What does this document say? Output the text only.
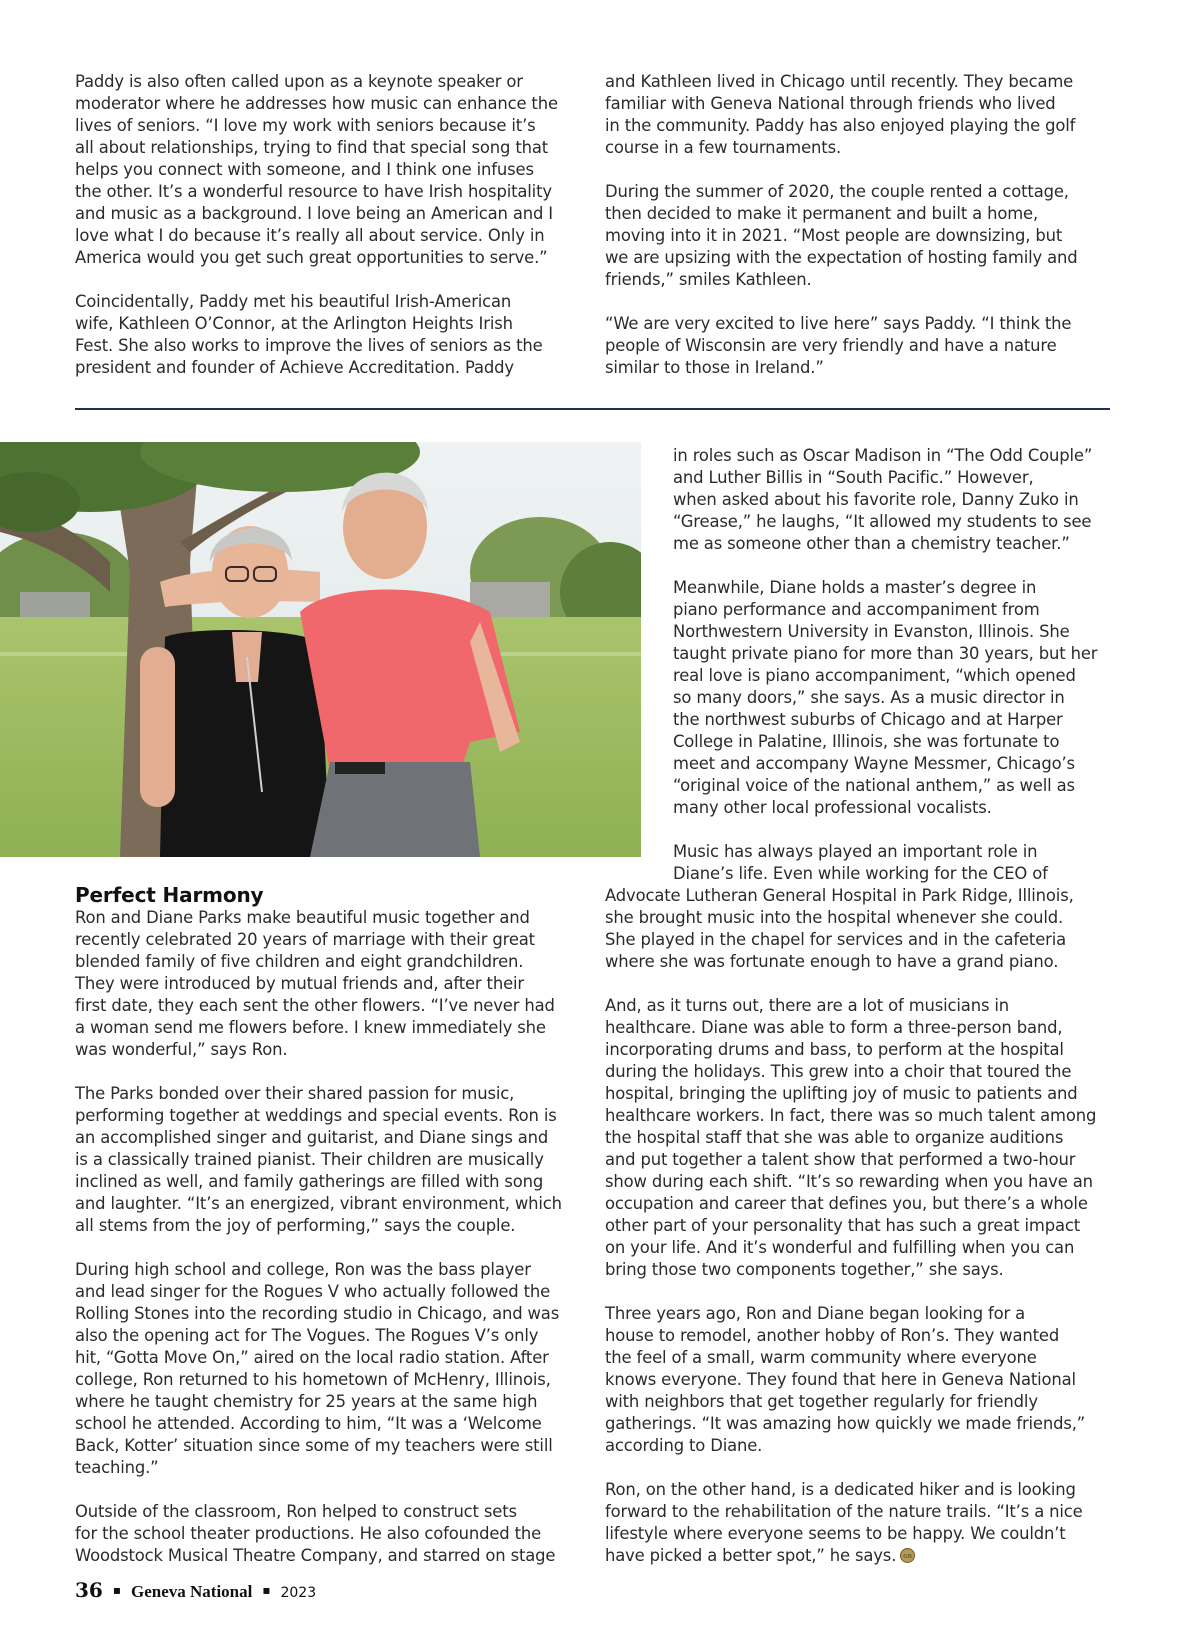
Paddy is also often called upon as a keynote speaker or
moderator where he addresses how music can enhance the
lives of seniors. “I love my work with seniors because it’s
all about relationships, trying to find that special song that
helps you connect with someone, and I think one infuses
the other. It’s a wonderful resource to have Irish hospitality
and music as a background. I love being an American and I
love what I do because it’s really all about service. Only in
America would you get such great opportunities to serve.”

Coincidentally, Paddy met his beautiful Irish-American
wife, Kathleen O’Connor, at the Arlington Heights Irish
Fest. She also works to improve the lives of seniors as the
president and founder of Achieve Accreditation. Paddy

and Kathleen lived in Chicago until recently. They became
familiar with Geneva National through friends who lived
in the community. Paddy has also enjoyed playing the golf
course in a few tournaments.

During the summer of 2020, the couple rented a cottage,
then decided to make it permanent and built a home,
moving into it in 2021. “Most people are downsizing, but
we are upsizing with the expectation of hosting family and
friends,” smiles Kathleen.

“We are very excited to live here” says Paddy. “I think the
people of Wisconsin are very friendly and have a nature
similar to those in Ireland.”

Perfect Harmony

Ron and Diane Parks make beautiful music together and
recently celebrated 20 years of marriage with their great
blended family of five children and eight grandchildren.
They were introduced by mutual friends and, after their
first date, they each sent the other flowers. “I’ve never had
a woman send me flowers before. I knew immediately she
was wonderful,” says Ron.

The Parks bonded over their shared passion for music,
performing together at weddings and special events. Ron is
an accomplished singer and guitarist, and Diane sings and
is a classically trained pianist. Their children are musically
inclined as well, and family gatherings are filled with song
and laughter. “It’s an energized, vibrant environment, which
all stems from the joy of performing,” says the couple.

During high school and college, Ron was the bass player
and lead singer for the Rogues V who actually followed the
Rolling Stones into the recording studio in Chicago, and was
also the opening act for The Vogues. The Rogues V’s only
hit, “Gotta Move On,” aired on the local radio station. After
college, Ron returned to his hometown of McHenry, Illinois,
where he taught chemistry for 25 years at the same high
school he attended. According to him, “It was a ‘Welcome
Back, Kotter’ situation since some of my teachers were still
teaching.”

Outside of the classroom, Ron helped to construct sets
for the school theater productions. He also cofounded the
Woodstock Musical Theatre Company, and starred on stage

in roles such as Oscar Madison in “The Odd Couple”
and Luther Billis in “South Pacific.” However,
when asked about his favorite role, Danny Zuko in
“Grease,” he laughs, “It allowed my students to see
me as someone other than a chemistry teacher.”

Meanwhile, Diane holds a master’s degree in
piano performance and accompaniment from
Northwestern University in Evanston, Illinois. She
taught private piano for more than 30 years, but her
real love is piano accompaniment, “which opened
so many doors,” she says. As a music director in
the northwest suburbs of Chicago and at Harper
College in Palatine, Illinois, she was fortunate to
meet and accompany Wayne Messmer, Chicago’s
“original voice of the national anthem,” as well as
many other local professional vocalists.

Music has always played an important role in
Diane’s life. Even while working for the CEO of
Advocate Lutheran General Hospital in Park Ridge, Illinois,
she brought music into the hospital whenever she could.
She played in the chapel for services and in the cafeteria
where she was fortunate enough to have a grand piano.

And, as it turns out, there are a lot of musicians in
healthcare. Diane was able to form a three-person band,
incorporating drums and bass, to perform at the hospital
during the holidays. This grew into a choir that toured the
hospital, bringing the uplifting joy of music to patients and
healthcare workers. In fact, there was so much talent among
the hospital staff that she was able to organize auditions
and put together a talent show that performed a two-hour
show during each shift. “It’s so rewarding when you have an
occupation and career that defines you, but there’s a whole
other part of your personality that has such a great impact
on your life. And it’s wonderful and fulfilling when you can
bring those two components together,” she says.

Three years ago, Ron and Diane began looking for a
house to remodel, another hobby of Ron’s. They wanted
the feel of a small, warm community where everyone
knows everyone. They found that here in Geneva National
with neighbors that get together regularly for friendly
gatherings. “It was amazing how quickly we made friends,”
according to Diane.

Ron, on the other hand, is a dedicated hiker and is looking
forward to the rehabilitation of the nature trails. “It’s a nice
lifestyle where everyone seems to be happy. We couldn’t
have picked a better spot,” he says. GN

36 ▪ Geneva National ▪ 2023
